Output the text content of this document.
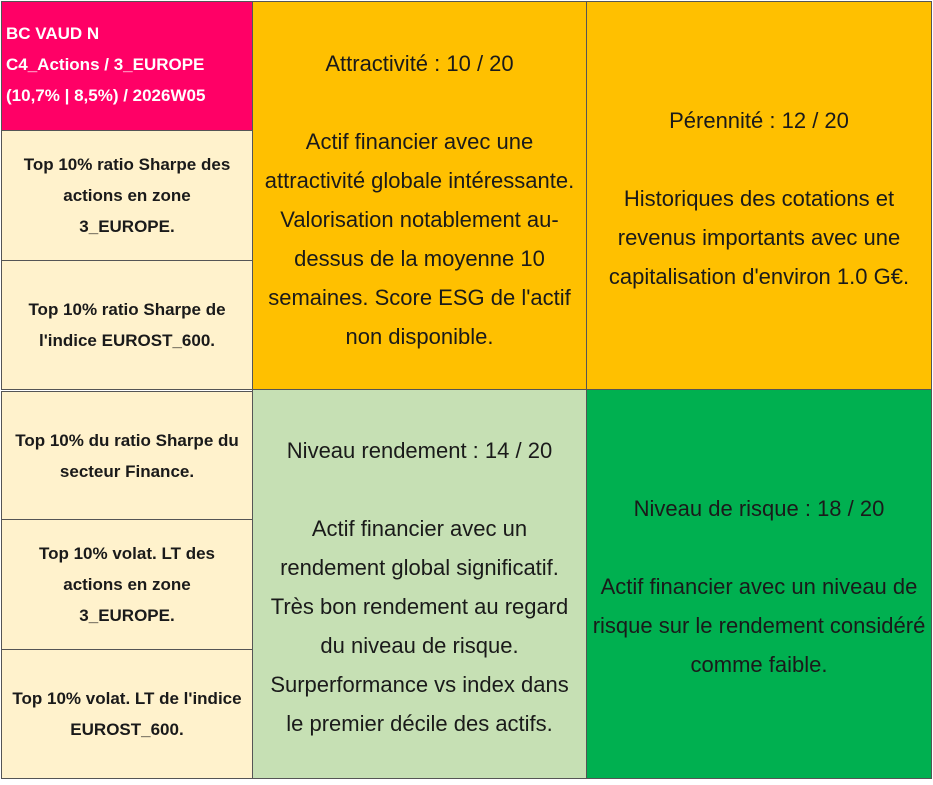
BC VAUD N
C4_Actions / 3_EUROPE
(10,7% | 8,5%) / 2026W05
Top 10% ratio Sharpe des actions en zone 3_EUROPE.
Top 10% ratio Sharpe de l'indice EUROST_600.
Top 10% du ratio Sharpe du secteur Finance.
Top 10% volat. LT des actions en zone 3_EUROPE.
Top 10% volat. LT de l'indice EUROST_600.
Attractivité : 10 / 20
Actif financier avec une attractivité globale intéressante. Valorisation notablement au-dessus de la moyenne 10 semaines. Score ESG de l'actif non disponible.
Pérennité : 12 / 20
Historiques des cotations et revenus importants avec une capitalisation d'environ 1.0 G€.
Niveau rendement : 14 / 20
Actif financier avec un rendement global significatif. Très bon rendement au regard du niveau de risque. Surperformance vs index dans le premier décile des actifs.
Niveau de risque : 18 / 20
Actif financier avec un niveau de risque sur le rendement considéré comme faible.
